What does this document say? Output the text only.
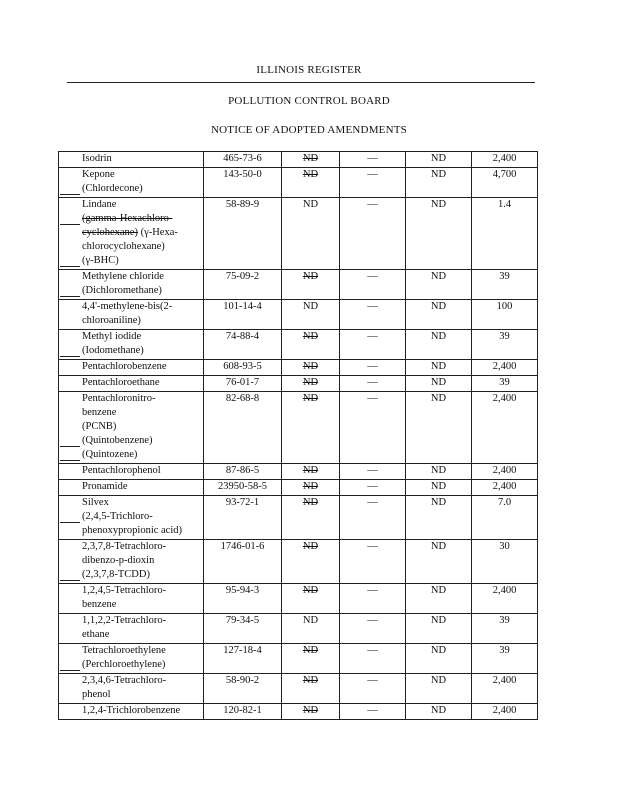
ILLINOIS REGISTER
POLLUTION CONTROL BOARD
NOTICE OF ADOPTED AMENDMENTS
Isodrin	465-73-6	ND	—	ND	2,400

Kepone
(Chlordecone)	143-50-0	ND	—	ND	4,700

Lindane
(gamma-Hexachloro-
cyclohexane) (γ-Hexa-
chlorocyclohexane)
(γ-BHC)	58-89-9	ND	—	ND	1.4

Methylene chloride
(Dichloromethane)	75-09-2	ND	—	ND	39

4,4'-methylene-bis(2-
chloroaniline)	101-14-4	ND	—	ND	100

Methyl iodide
(Iodomethane)	74-88-4	ND	—	ND	39

Pentachlorobenzene	608-93-5	ND	—	ND	2,400

Pentachloroethane	76-01-7	ND	—	ND	39

Pentachloronitro-
benzene
(PCNB)
(Quintobenzene)
(Quintozene)	82-68-8	ND	—	ND	2,400

Pentachlorophenol	87-86-5	ND	—	ND	2,400

Pronamide	23950-58-5	ND	—	ND	2,400

Silvex
(2,4,5-Trichloro-
phenoxypropionic acid)	93-72-1	ND	—	ND	7.0

2,3,7,8-Tetrachloro-
dibenzo-p-dioxin
(2,3,7,8-TCDD)	1746-01-6	ND	—	ND	30

1,2,4,5-Tetrachloro-
benzene	95-94-3	ND	—	ND	2,400

1,1,2,2-Tetrachloro-
ethane	79-34-5	ND	—	ND	39

Tetrachloroethylene
(Perchloroethylene)	127-18-4	ND	—	ND	39

2,3,4,6-Tetrachloro-
phenol	58-90-2	ND	—	ND	2,400

1,2,4-Trichlorobenzene	120-82-1	ND	—	ND	2,400
